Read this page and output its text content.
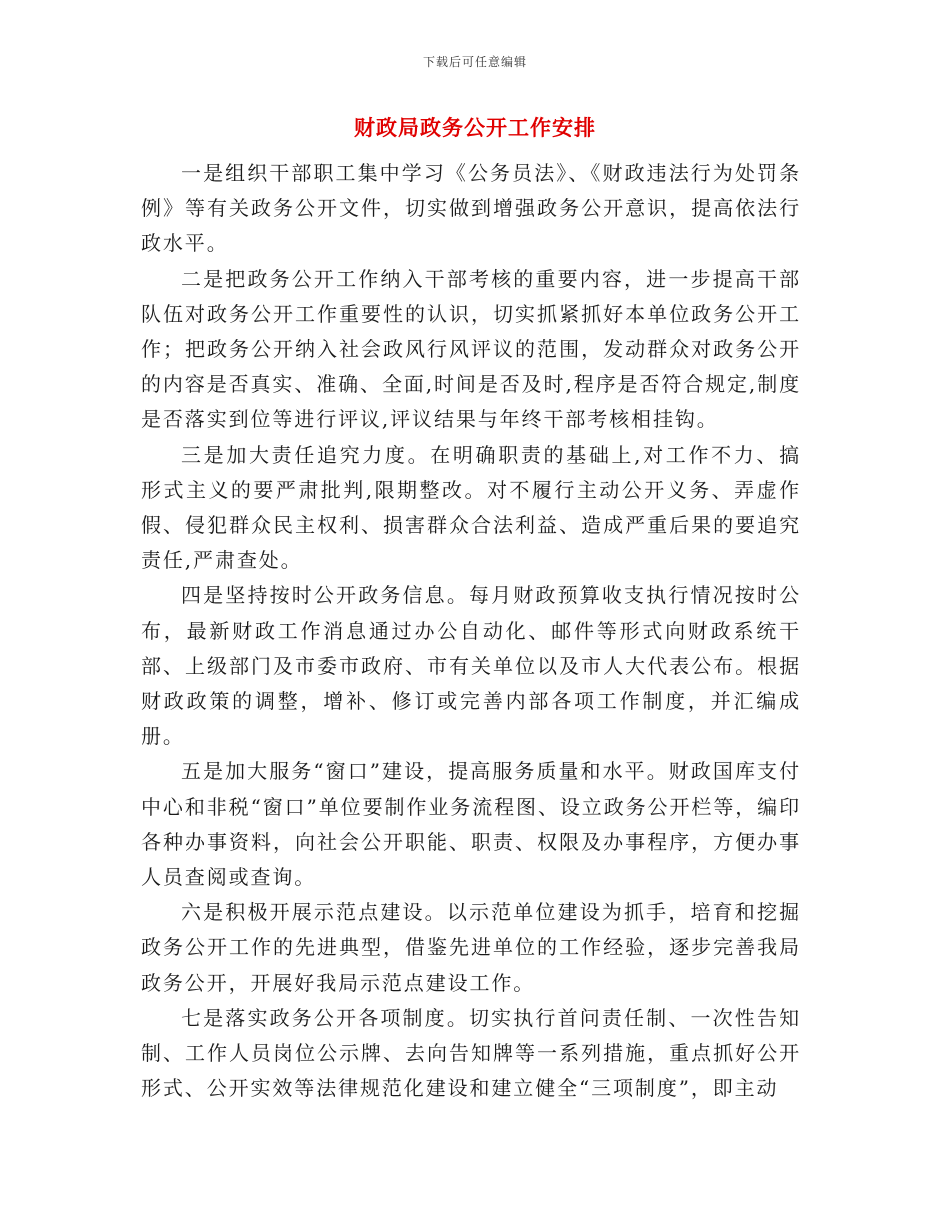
下载后可任意编辑
财政局政务公开工作安排

一是组织干部职工集中学习《公务员法》、《财政违法行为处罚条例》等有关政务公开文件，切实做到增强政务公开意识，提高依法行政水平。

二是把政务公开工作纳入干部考核的重要内容，进一步提高干部队伍对政务公开工作重要性的认识，切实抓紧抓好本单位政务公开工作；把政务公开纳入社会政风行风评议的范围，发动群众对政务公开的内容是否真实、准确、全面,时间是否及时,程序是否符合规定,制度是否落实到位等进行评议,评议结果与年终干部考核相挂钩。

三是加大责任追究力度。在明确职责的基础上,对工作不力、搞形式主义的要严肃批判,限期整改。对不履行主动公开义务、弄虚作假、侵犯群众民主权利、损害群众合法利益、造成严重后果的要追究责任,严肃查处。

四是坚持按时公开政务信息。每月财政预算收支执行情况按时公布，最新财政工作消息通过办公自动化、邮件等形式向财政系统干部、上级部门及市委市政府、市有关单位以及市人大代表公布。根据财政政策的调整，增补、修订或完善内部各项工作制度，并汇编成册。

五是加大服务“窗口”建设，提高服务质量和水平。财政国库支付中心和非税“窗口”单位要制作业务流程图、设立政务公开栏等，编印各种办事资料，向社会公开职能、职责、权限及办事程序，方便办事人员查阅或查询。

六是积极开展示范点建设。以示范单位建设为抓手，培育和挖掘政务公开工作的先进典型，借鉴先进单位的工作经验，逐步完善我局政务公开，开展好我局示范点建设工作。

七是落实政务公开各项制度。切实执行首问责任制、一次性告知制、工作人员岗位公示牌、去向告知牌等一系列措施，重点抓好公开形式、公开实效等法律规范化建设和建立健全“三项制度”，即主动
